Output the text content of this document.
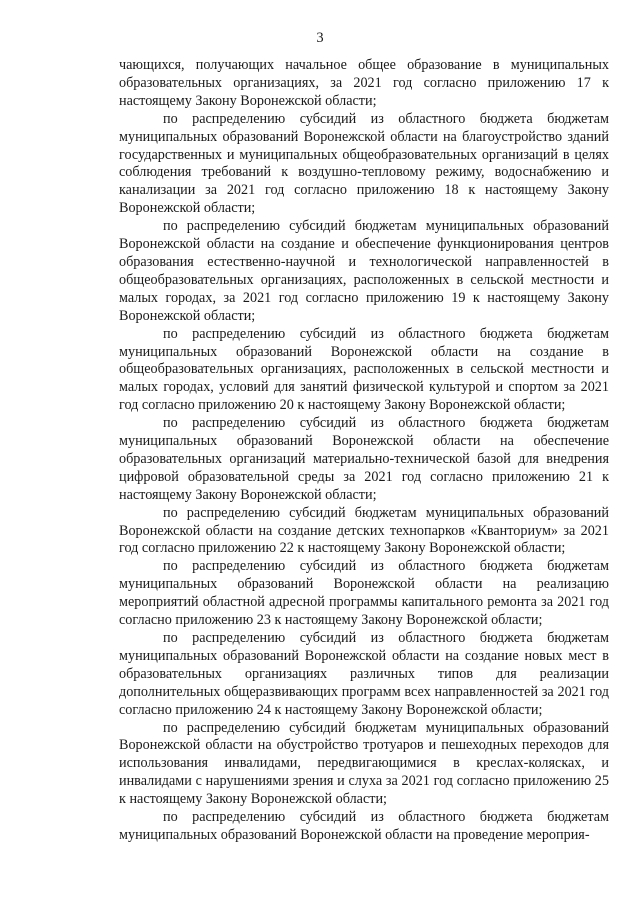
3

чающихся, получающих начальное общее образование в муниципальных образовательных организациях, за 2021 год согласно приложению 17 к настоящему Закону Воронежской области;

по распределению субсидий из областного бюджета бюджетам муниципальных образований Воронежской области на благоустройство зданий государственных и муниципальных общеобразовательных организаций в целях соблюдения требований к воздушно-тепловому режиму, водоснабжению и канализации за 2021 год согласно приложению 18 к настоящему Закону Воронежской области;

по распределению субсидий бюджетам муниципальных образований Воронежской области на создание и обеспечение функционирования центров образования естественно-научной и технологической направленностей в общеобразовательных организациях, расположенных в сельской местности и малых городах, за 2021 год согласно приложению 19 к настоящему Закону Воронежской области;

по распределению субсидий из областного бюджета бюджетам муниципальных образований Воронежской области на создание в общеобразовательных организациях, расположенных в сельской местности и малых городах, условий для занятий физической культурой и спортом за 2021 год согласно приложению 20 к настоящему Закону Воронежской области;

по распределению субсидий из областного бюджета бюджетам муниципальных образований Воронежской области на обеспечение образовательных организаций материально-технической базой для внедрения цифровой образовательной среды за 2021 год согласно приложению 21 к настоящему Закону Воронежской области;

по распределению субсидий бюджетам муниципальных образований Воронежской области на создание детских технопарков «Кванториум» за 2021 год согласно приложению 22 к настоящему Закону Воронежской области;

по распределению субсидий из областного бюджета бюджетам муниципальных образований Воронежской области на реализацию мероприятий областной адресной программы капитального ремонта за 2021 год согласно приложению 23 к настоящему Закону Воронежской области;

по распределению субсидий из областного бюджета бюджетам муниципальных образований Воронежской области на создание новых мест в образовательных организациях различных типов для реализации дополнительных общеразвивающих программ всех направленностей за 2021 год согласно приложению 24 к настоящему Закону Воронежской области;

по распределению субсидий бюджетам муниципальных образований Воронежской области на обустройство тротуаров и пешеходных переходов для использования инвалидами, передвигающимися в креслах-колясках, и инвалидами с нарушениями зрения и слуха за 2021 год согласно приложению 25 к настоящему Закону Воронежской области;

по распределению субсидий из областного бюджета бюджетам муниципальных образований Воронежской области на проведение мероприя-
